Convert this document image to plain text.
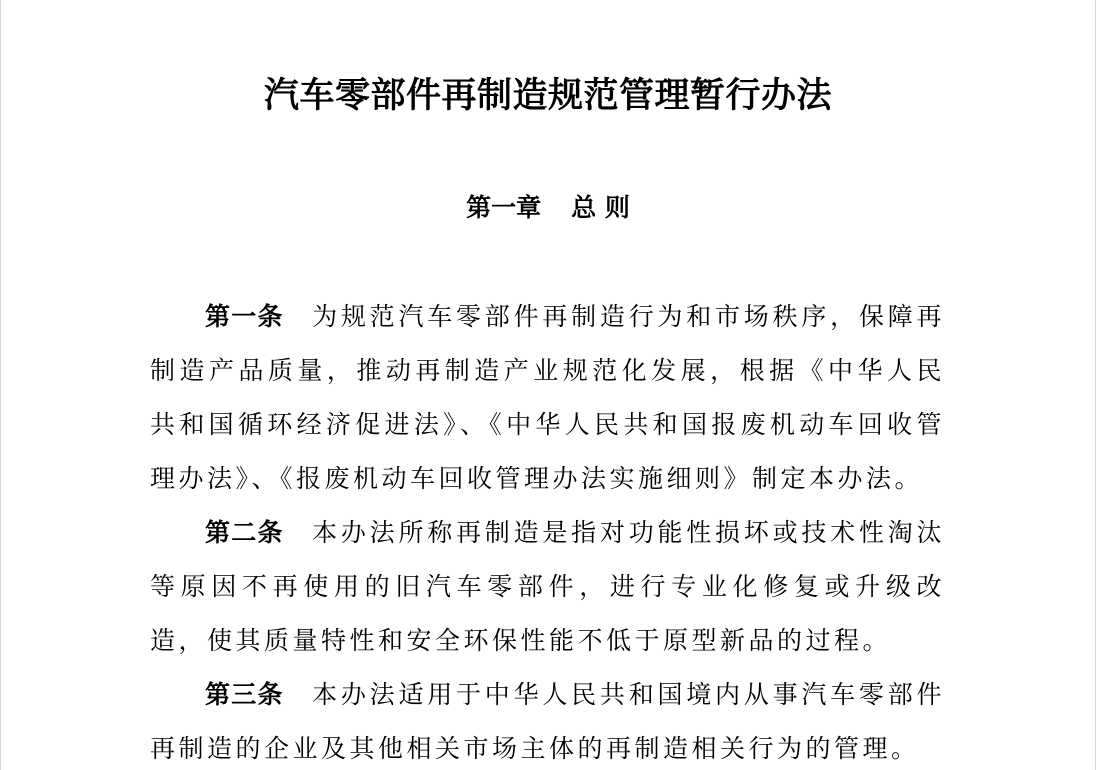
汽车零部件再制造规范管理暂行办法
第一章 总 则

第一条 为规范汽车零部件再制造行为和市场秩序，保障再制造产品质量，推动再制造产业规范化发展，根据《中华人民共和国循环经济促进法》、《中华人民共和国报废机动车回收管理办法》、《报废机动车回收管理办法实施细则》制定本办法。

第二条 本办法所称再制造是指对功能性损坏或技术性淘汰等原因不再使用的旧汽车零部件，进行专业化修复或升级改造，使其质量特性和安全环保性能不低于原型新品的过程。

第三条 本办法适用于中华人民共和国境内从事汽车零部件再制造的企业及其他相关市场主体的再制造相关行为的管理。
